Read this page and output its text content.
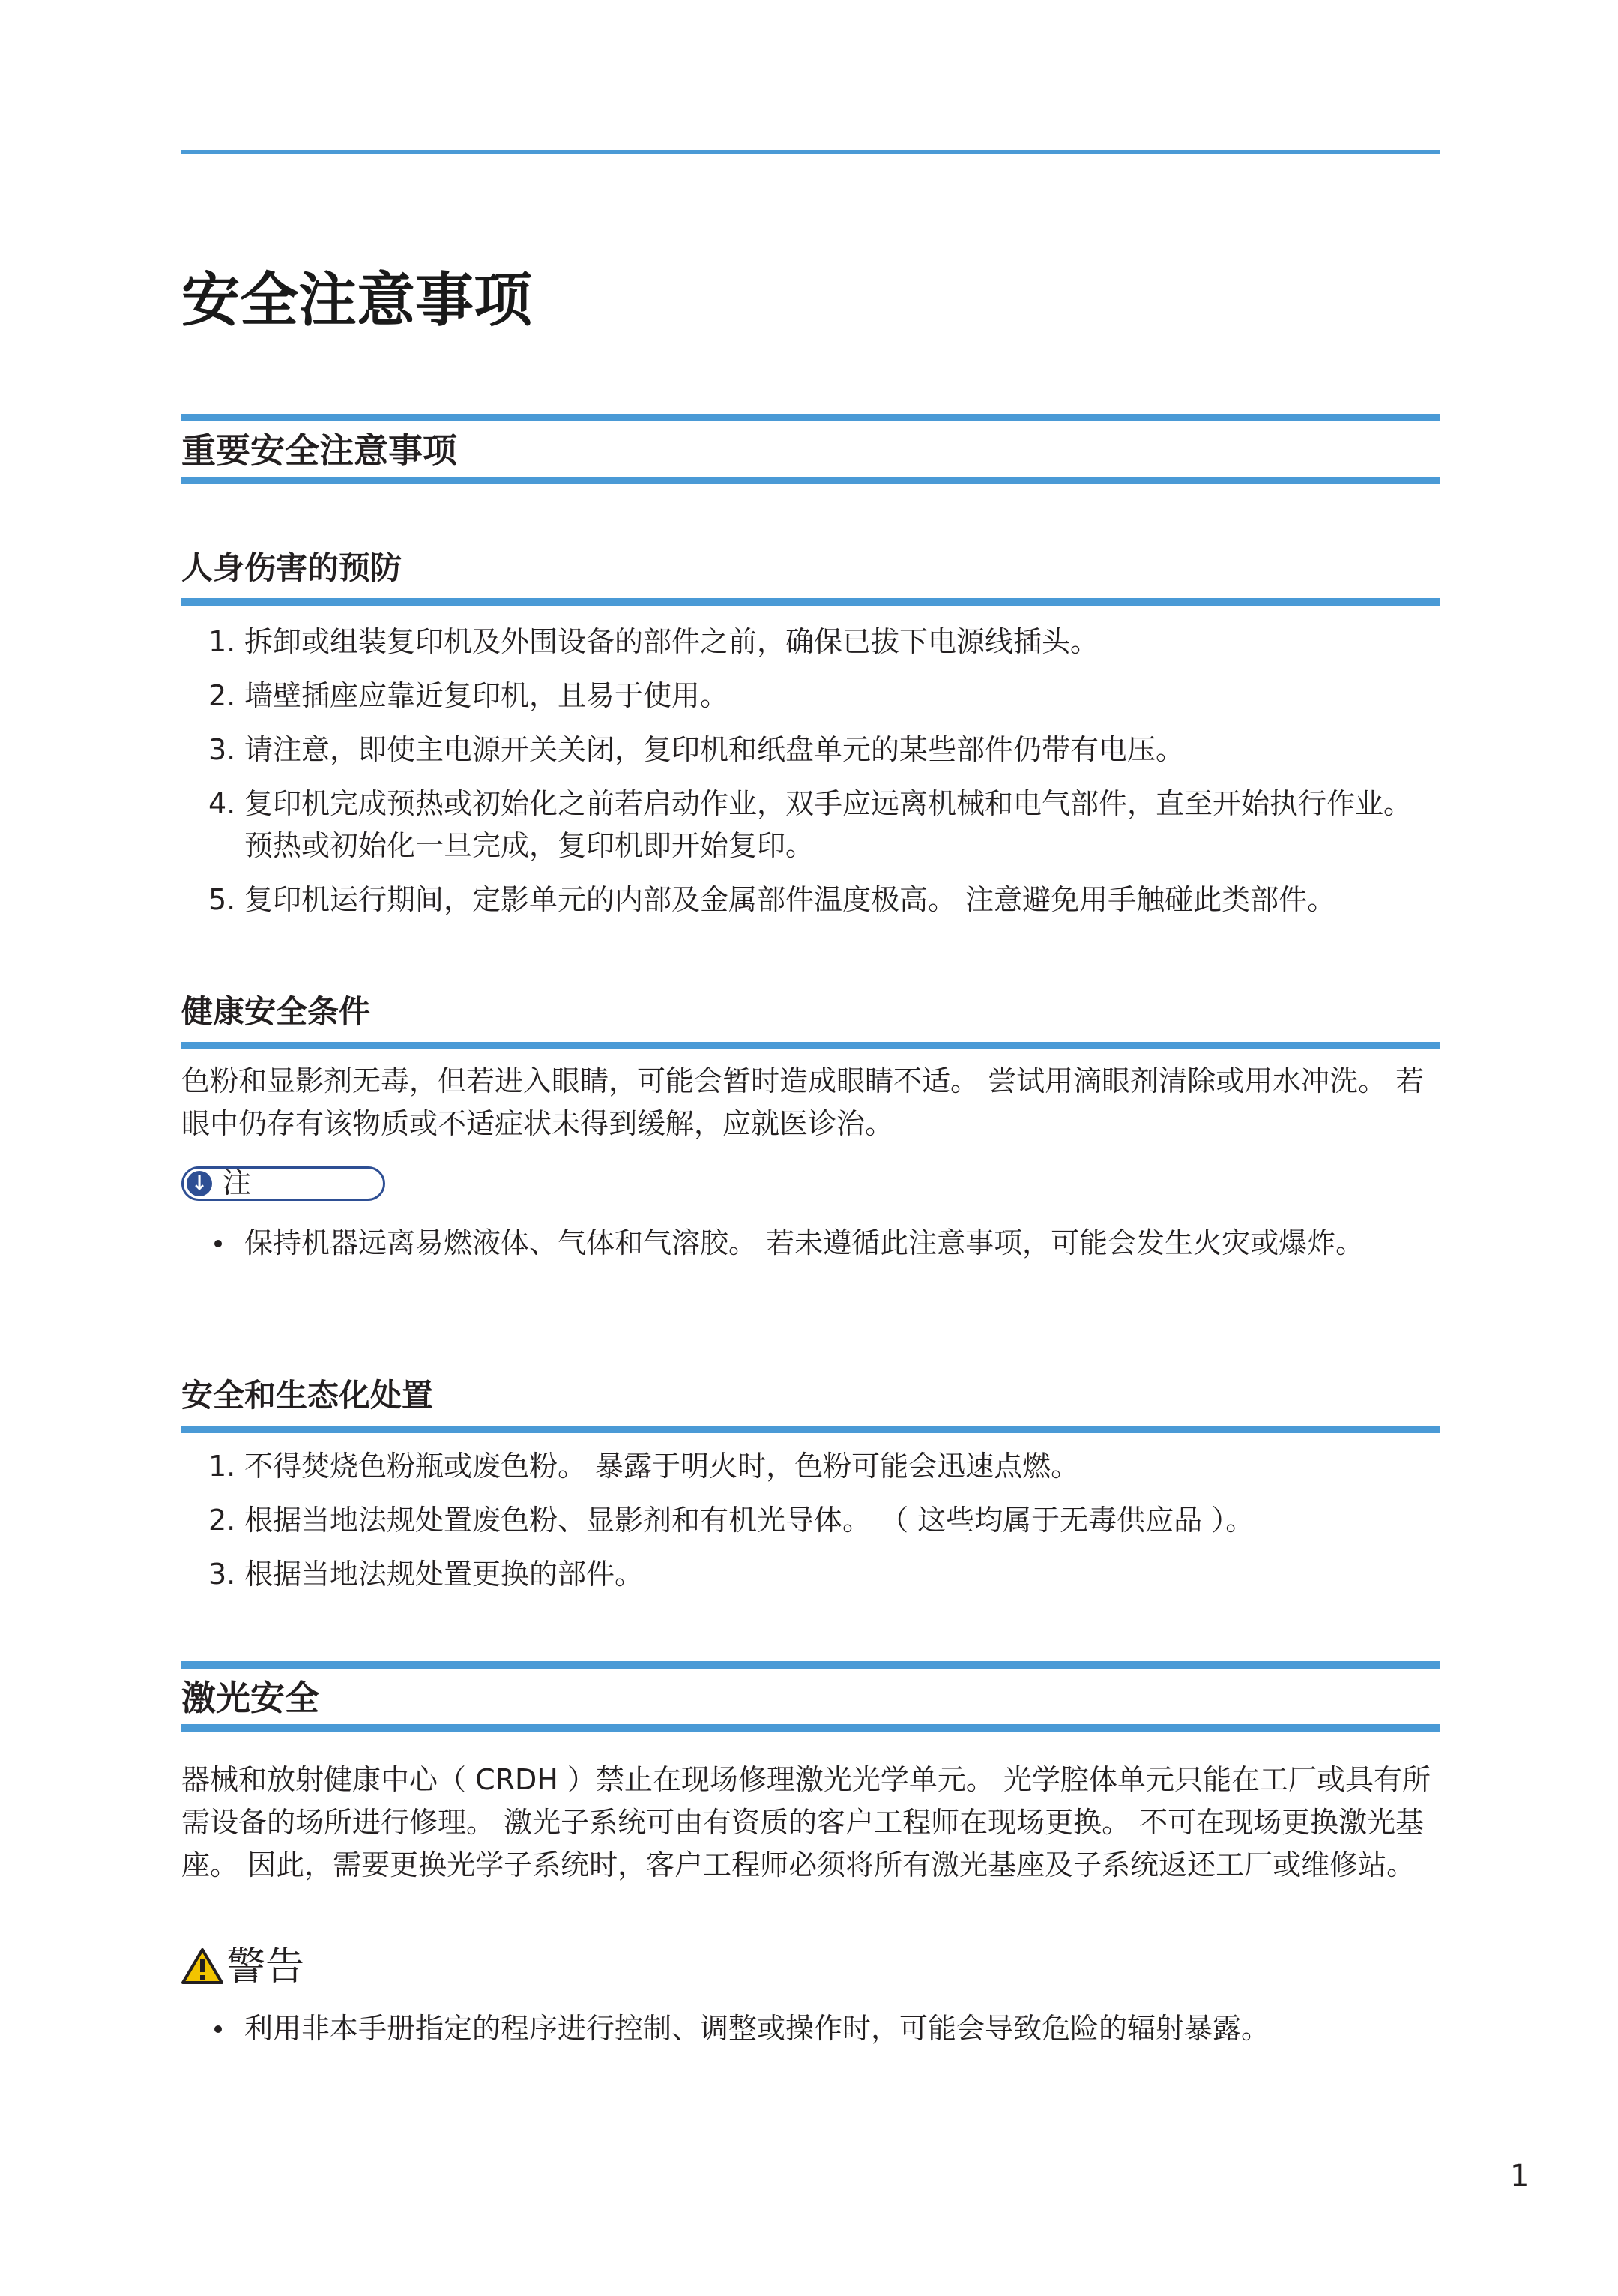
安全注意事项
重要安全注意事项
人身伤害的预防
1. 拆卸或组装复印机及外围设备的部件之前，确保已拔下电源线插头。
2. 墙壁插座应靠近复印机，且易于使用。
3. 请注意，即使主电源开关关闭，复印机和纸盘单元的某些部件仍带有电压。
4. 复印机完成预热或初始化之前若启动作业，双手应远离机械和电气部件，直至开始执行作业。 预热或初始化一旦完成，复印机即开始复印。
5. 复印机运行期间，定影单元的内部及金属部件温度极高。 注意避免用手触碰此类部件。
健康安全条件

色粉和显影剂无毒，但若进入眼睛，可能会暂时造成眼睛不适。 尝试用滴眼剂清除或用水冲洗。 若眼中仍存有该物质或不适症状未得到缓解，应就医诊治。

↓ 注
保持机器远离易燃液体、气体和气溶胶。 若未遵循此注意事项，可能会发生火灾或爆炸。
安全和生态化处置
1. 不得焚烧色粉瓶或废色粉。 暴露于明火时，色粉可能会迅速点燃。
2. 根据当地法规处置废色粉、显影剂和有机光导体。 （ 这些均属于无毒供应品 ）。
3. 根据当地法规处置更换的部件。
激光安全

器械和放射健康中心（ CRDH ）禁止在现场修理激光光学单元。 光学腔体单元只能在工厂或具有所需设备的场所进行修理。 激光子系统可由有资质的客户工程师在现场更换。 不可在现场更换激光基座。 因此，需要更换光学子系统时，客户工程师必须将所有激光基座及子系统返还工厂或维修站。

警告
利用非本手册指定的程序进行控制、调整或操作时，可能会导致危险的辐射暴露。
1
